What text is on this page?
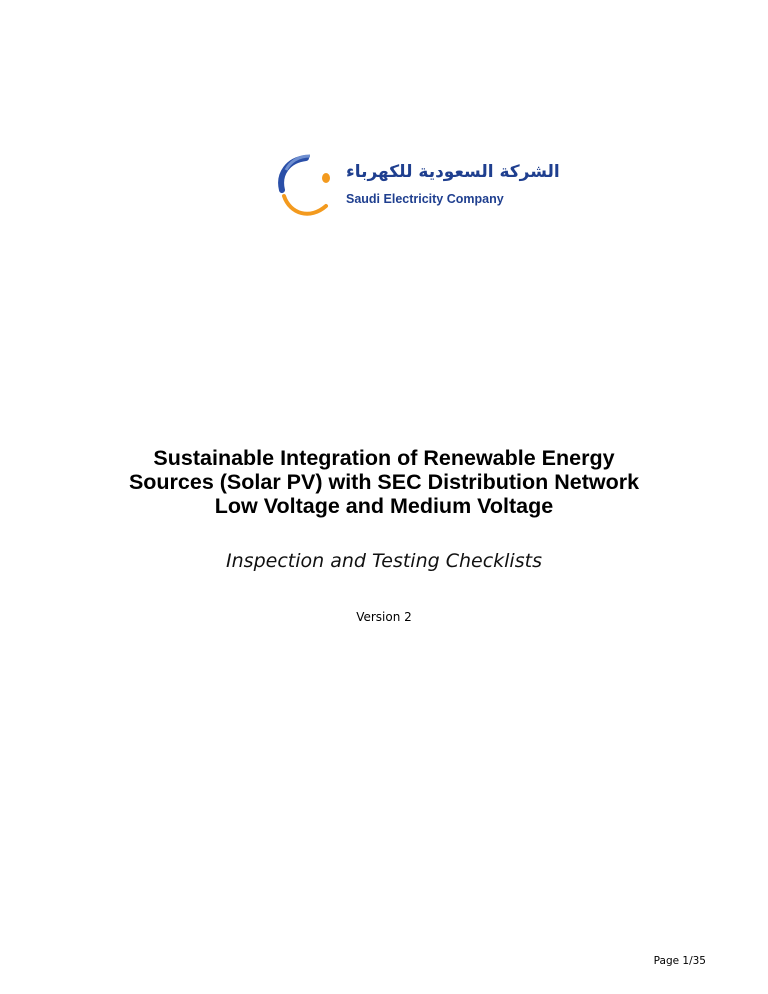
الشركة السعودية للكهرباء
Saudi Electricity Company
Sustainable Integration of Renewable Energy
Sources (Solar PV) with SEC Distribution Network
Low Voltage and Medium Voltage
Inspection and Testing Checklists
Version 2
Page 1/35
